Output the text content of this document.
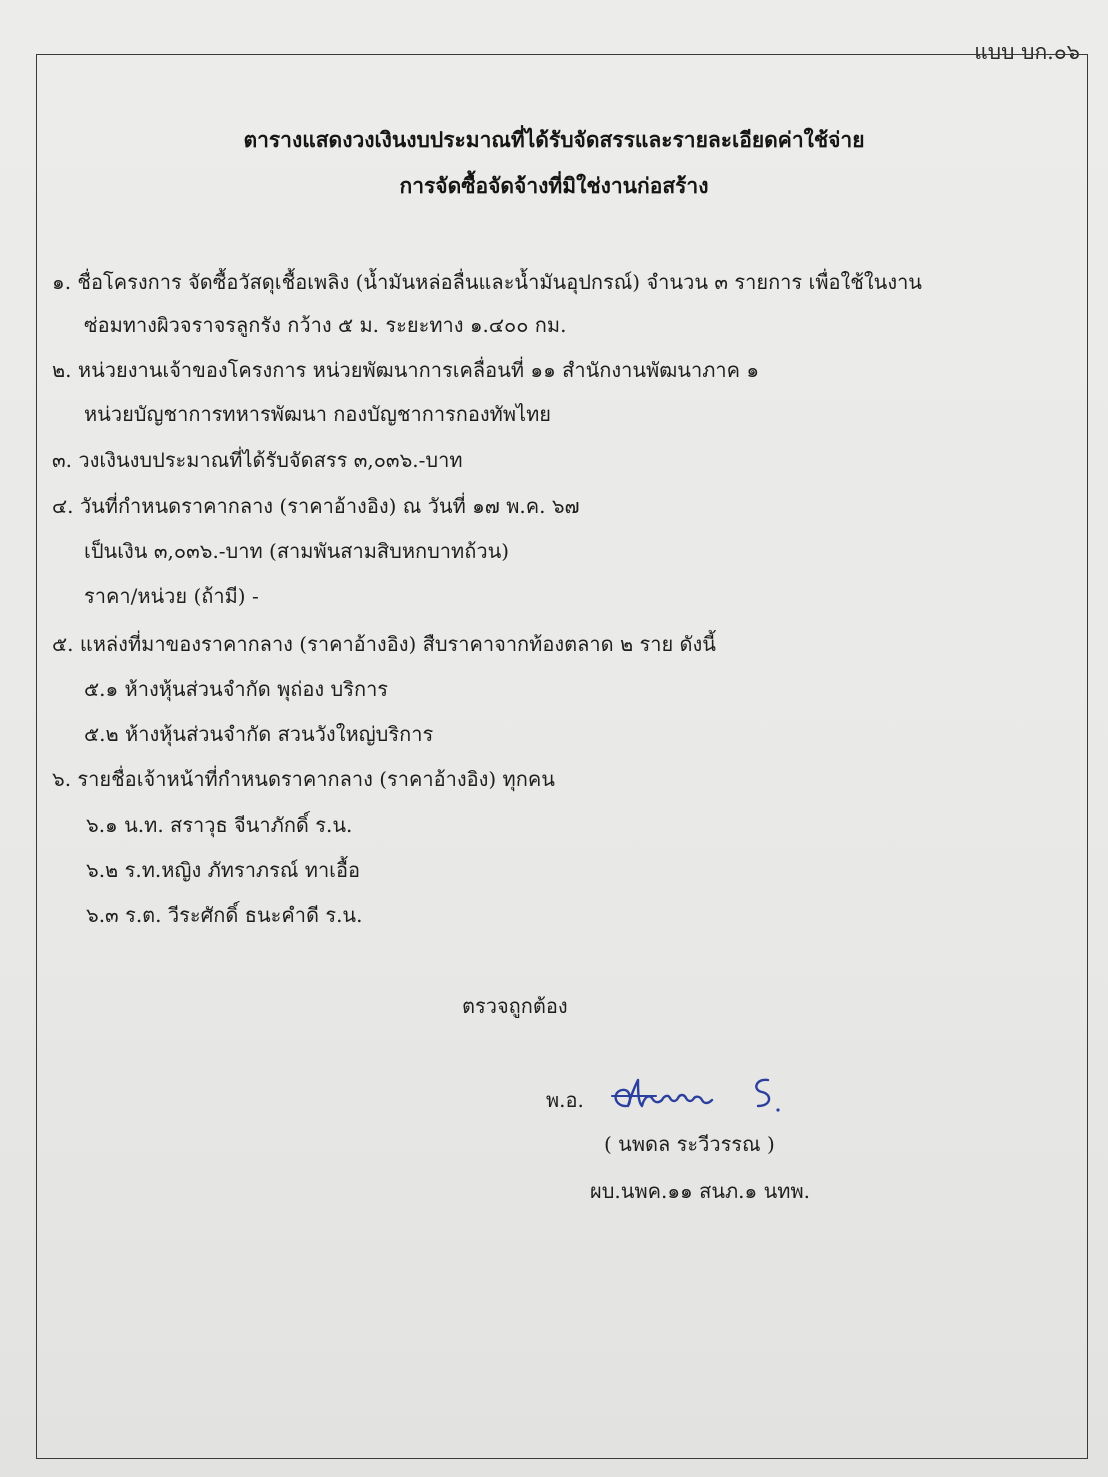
แบบ บก.๐๖
ตารางแสดงวงเงินงบประมาณที่ได้รับจัดสรรและรายละเอียดค่าใช้จ่าย
การจัดซื้อจัดจ้างที่มิใช่งานก่อสร้าง
๑. ชื่อโครงการ จัดซื้อวัสดุเชื้อเพลิง (น้ำมันหล่อลื่นและน้ำมันอุปกรณ์) จำนวน ๓ รายการ เพื่อใช้ในงาน
ซ่อมทางผิวจราจรลูกรัง กว้าง ๕ ม. ระยะทาง ๑.๔๐๐ กม.
๒. หน่วยงานเจ้าของโครงการ หน่วยพัฒนาการเคลื่อนที่ ๑๑ สำนักงานพัฒนาภาค ๑
หน่วยบัญชาการทหารพัฒนา กองบัญชาการกองทัพไทย
๓. วงเงินงบประมาณที่ได้รับจัดสรร ๓,๐๓๖.-บาท
๔. วันที่กำหนดราคากลาง (ราคาอ้างอิง) ณ วันที่ ๑๗ พ.ค. ๖๗
เป็นเงิน ๓,๐๓๖.-บาท (สามพันสามสิบหกบาทถ้วน)
ราคา/หน่วย (ถ้ามี) -
๕. แหล่งที่มาของราคากลาง (ราคาอ้างอิง) สืบราคาจากท้องตลาด ๒ ราย ดังนี้
๕.๑ ห้างหุ้นส่วนจำกัด พุถ่อง บริการ
๕.๒ ห้างหุ้นส่วนจำกัด สวนวังใหญ่บริการ
๖. รายชื่อเจ้าหน้าที่กำหนดราคากลาง (ราคาอ้างอิง) ทุกคน
๖.๑ น.ท. สราวุธ จีนาภักดิ์ ร.น.
๖.๒ ร.ท.หญิง ภัทราภรณ์ ทาเอื้อ
๖.๓ ร.ต. วีระศักดิ์ ธนะคำดี ร.น.
ตรวจถูกต้อง
พ.อ.
( นพดล ระวีวรรณ )
ผบ.นพค.๑๑ สนภ.๑ นทพ.
